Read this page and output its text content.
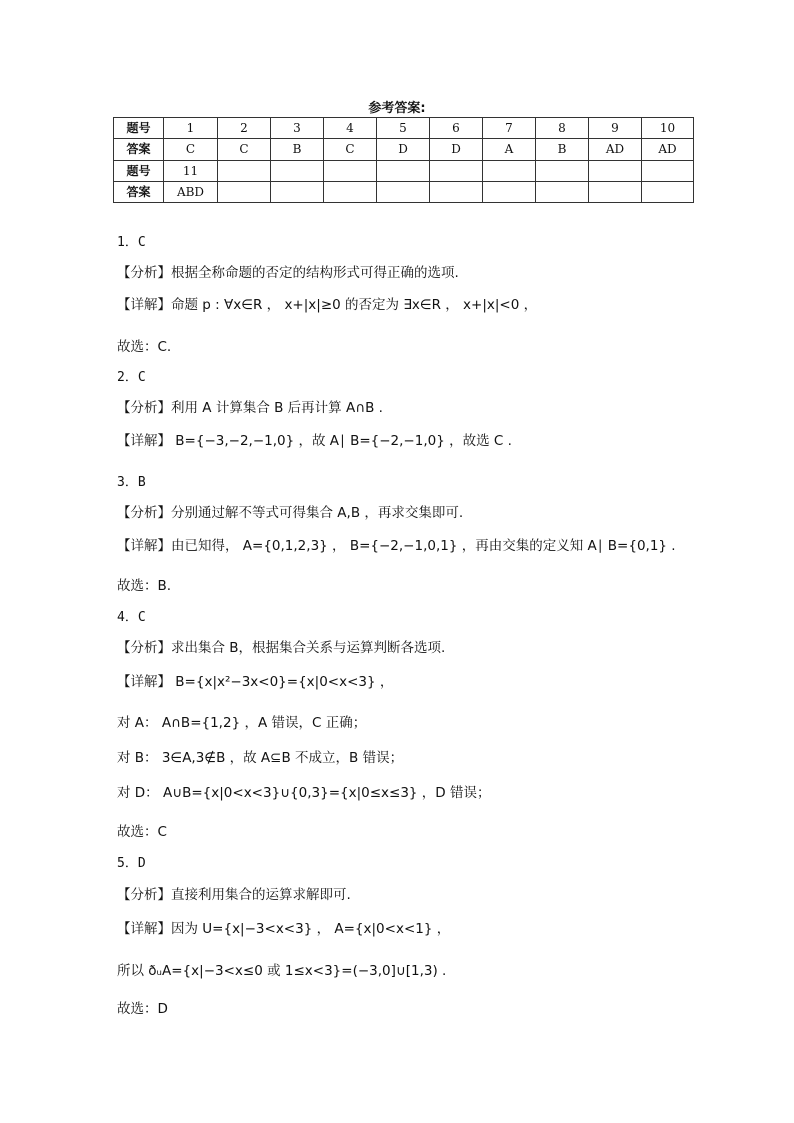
参考答案:
题号	1	2	3	4	5	6	7	8	9	10
答案	C	C	B	C	D	D	A	B	AD	AD
题号	11									
答案	ABD									
1．C
【分析】根据全称命题的否定的结构形式可得正确的选项.
【详解】命题 p : ∀x∈R ， x+|x|≥0 的否定为 ∃x∈R ， x+|x|<0 ，
故选：C.
2．C
【分析】利用 A 计算集合 B 后再计算 A∩B .
【详解】 B={−3,−2,−1,0} ，故 A∣ B={−2,−1,0} ，故选 C .
3．B
【分析】分别通过解不等式可得集合 A,B ，再求交集即可.
【详解】由已知得， A={0,1,2,3} ， B={−2,−1,0,1} ，再由交集的定义知 A∣ B={0,1} .
故选：B.
4．C
【分析】求出集合 B，根据集合关系与运算判断各选项.
【详解】 B={x|x²−3x<0}={x|0<x<3} ，
对 A： A∩B={1,2} ，A 错误，C 正确；
对 B： 3∈A,3∉B ，故 A⊆B 不成立，B 错误；
对 D： A∪B={x|0<x<3}∪{0,3}={x|0≤x≤3} ，D 错误；
故选：C
5．D
【分析】直接利用集合的运算求解即可.
【详解】因为 U={x|−3<x<3} ， A={x|0<x<1} ，
所以 ðᵤA={x|−3<x≤0 或 1≤x<3}=(−3,0]∪[1,3) .
故选：D
